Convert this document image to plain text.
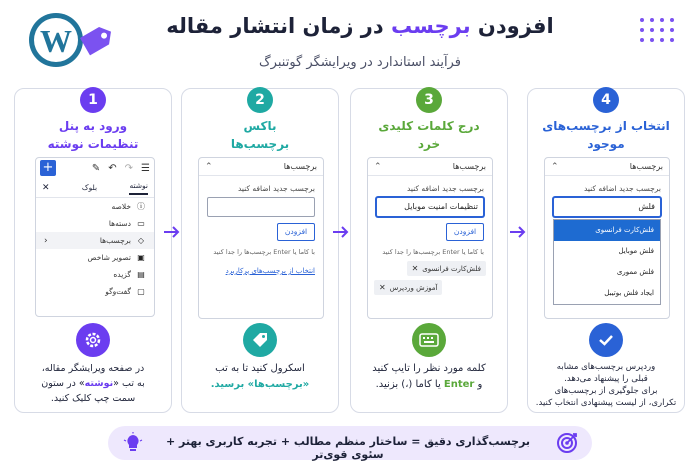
W	افزودن برچسب در زمان انتشار مقاله
فرآیند استاندارد در ویرایشگر گوتنبرگ
4
انتخاب از برچسب‌های
موجود
برچسب‌ها
⌃
برچسب جدید اضافه کنید
فلش
فلش‌کارت فرانسوی
فلش موبایل
فلش مموری
ایجاد فلش بوتیبل
وردپرس برچسب‌های مشابه
قبلی را پیشنهاد می‌دهد.
برای جلوگیری از برچسب‌های
تکراری، از لیست پیشنهادی انتخاب کنید.
3
درج کلمات کلیدی
خرد
برچسب‌ها
⌃
برچسب جدید اضافه کنید
تنظیمات امنیت موبایل
افزودن
با کاما یا Enter برچسب‌ها را جدا کنید
فلش‌کارت فرانسوی
✕
آموزش وردپرس
✕
کلمه مورد نظر را تایپ کنید
و Enter یا کاما (،) بزنید.
2
باکس
برچسب‌ها
برچسب‌ها
⌃
برچسب جدید اضافه کنید
افزودن
با کاما یا Enter برچسب‌ها را جدا کنید
انتخاب از برچسب‌های پرکاربرد
اسکرول کنید تا به تب
«برچسب‌ها» برسید.
1
ورود به پنل
تنظیمات نوشته
+	✎ ↶ ↷ ☰
نوشته
بلوک
✕
ⓘ
خلاصه
▭
دسته‌ها
◇
برچسب‌ها
‹
▣
تصویر شاخص
▤
گزیده
▢
گفت‌وگو
در صفحه ویرایشگر مقاله،
به تب «نوشته» در ستون
سمت چپ کلیک کنید.
برچسب‌گذاری دقیق = ساختار منظم مطالب + تجربه کاربری بهتر + سئوی قوی‌تر
